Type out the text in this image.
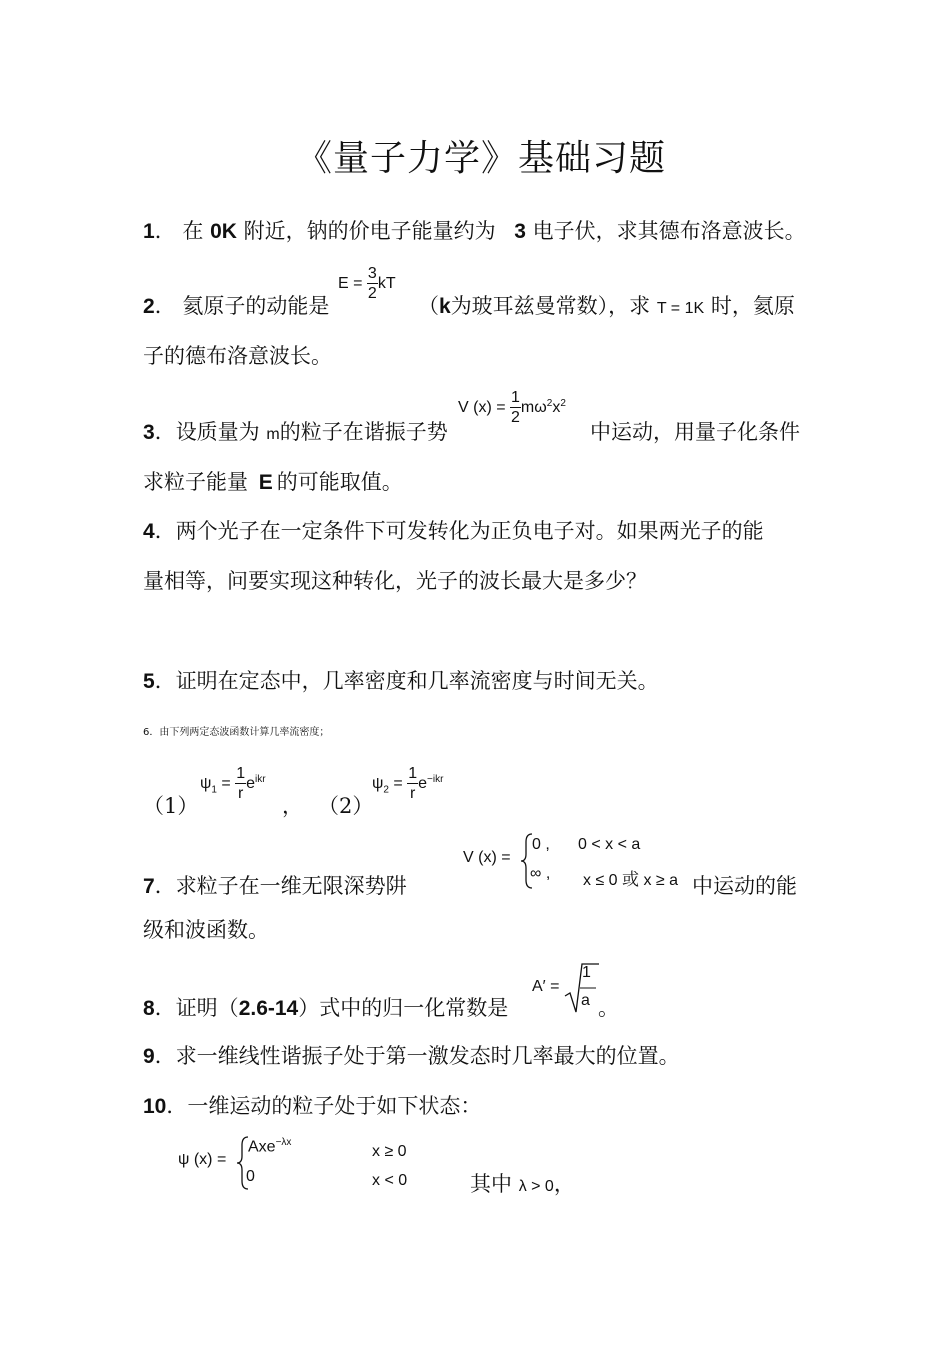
《量子力学》基础习题
1． 在 0K 附近，钠的价电子能量约为 3 电子伏，求其德布洛意波长。
2． 氦原子的动能是
$E = \frac{3}{2}$ kT
（k为玻耳兹曼常数），求 T = 1K 时，氦原
子的德布洛意波长。
3．设质量为 m的粒子在谐振子势
V $(x) = \frac{1}{2} m\omega^2x^2$
中运动，用量子化条件
求粒子能量 E 的可能取值。
4．两个光子在一定条件下可发转化为正负电子对。如果两光子的能
量相等，问要实现这种转化，光子的波长最大是多少？
5．证明在定态中，几率密度和几率流密度与时间无关。
6．由下列两定态波函数计算几率流密度；
（1）
$\psi_1 = \frac{1}{r} e^{ikr}$
， （2）
$\psi_2 = \frac{1}{r} e^{-ikr}$
7．求粒子在一维无限深势阱
V (x) =
0 , 0 < x < a
∞ , x ≤ 0 或 x ≥ a 中运动的能
级和波函数。
8．证明（2.6-14）式中的归一化常数是
A′ =
1
a 。
9．求一维线性谐振子处于第一激发态时几率最大的位置。
10．一维运动的粒子处于如下状态：
ψ (x) =
Axe$^{-\lambda x}$
x ≥ 0
0	x < 0	其中 λ > 0，
